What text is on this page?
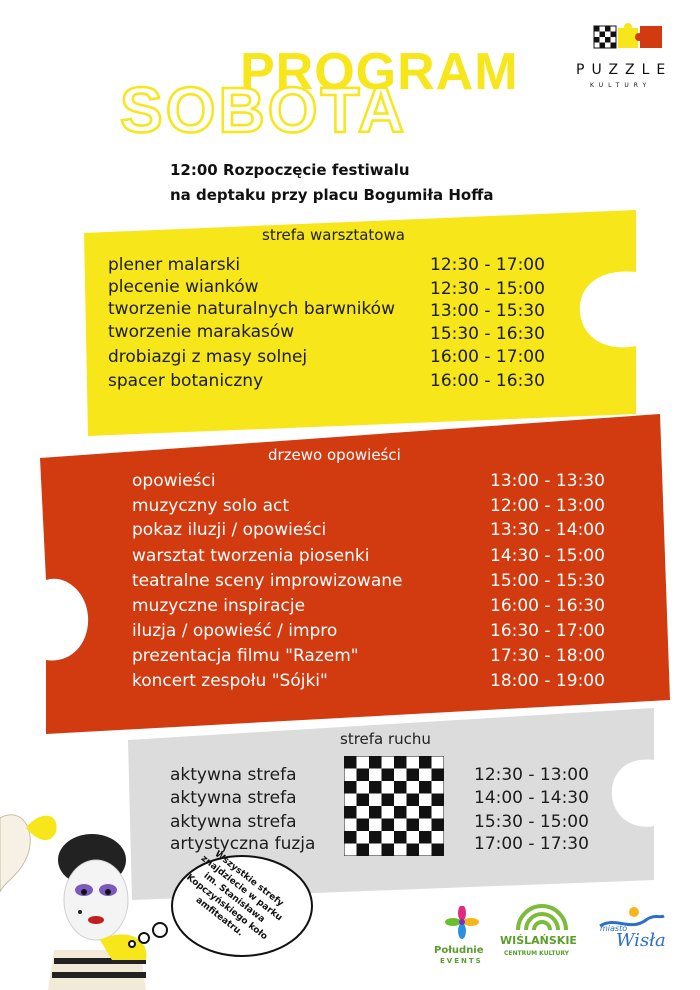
SOBOTA
PROGRAM	PUZZLE
KULTURY
12:00 Rozpoczęcie festiwalu
na deptaku przy placu Bogumiła Hoffa
strefa warsztatowa
plener malarski	12:30 - 17:00
plecenie wianków	12:30 - 15:00
tworzenie naturalnych barwników 13:00 - 15:30
tworzenie marakasów	15:30 - 16:30
drobiazgi z masy solnej	16:00 - 17:00
spacer botaniczny	16:00 - 16:30
drzewo opowieści
opowieści	13:00 - 13:30
muzyczny solo act	12:00 - 13:00
pokaz iluzji / opowieści	13:30 - 14:00
warsztat tworzenia piosenki	14:30 - 15:00
teatralne sceny improwizowane	15:00 - 15:30
muzyczne inspiracje	16:00 - 16:30
iluzja / opowieść / impro	16:30 - 17:00
prezentacja filmu "Razem"	17:30 - 18:00
koncert zespołu "Sójki"	18:00 - 19:00
strefa ruchu
aktywna strefa	12:30 - 13:00
aktywna strefa	14:00 - 14:30
aktywna strefa	15:30 - 15:00
artystyczna fuzja	17:00 - 17:30
Wszystkie strefy znajdziecie w parku im. Stanisława Kopczyńskiego koło amfiteatru.
Południe
EVENTS
WIŚLAŃSKIE
CENTRUM KULTURY
miasto
Wisła
